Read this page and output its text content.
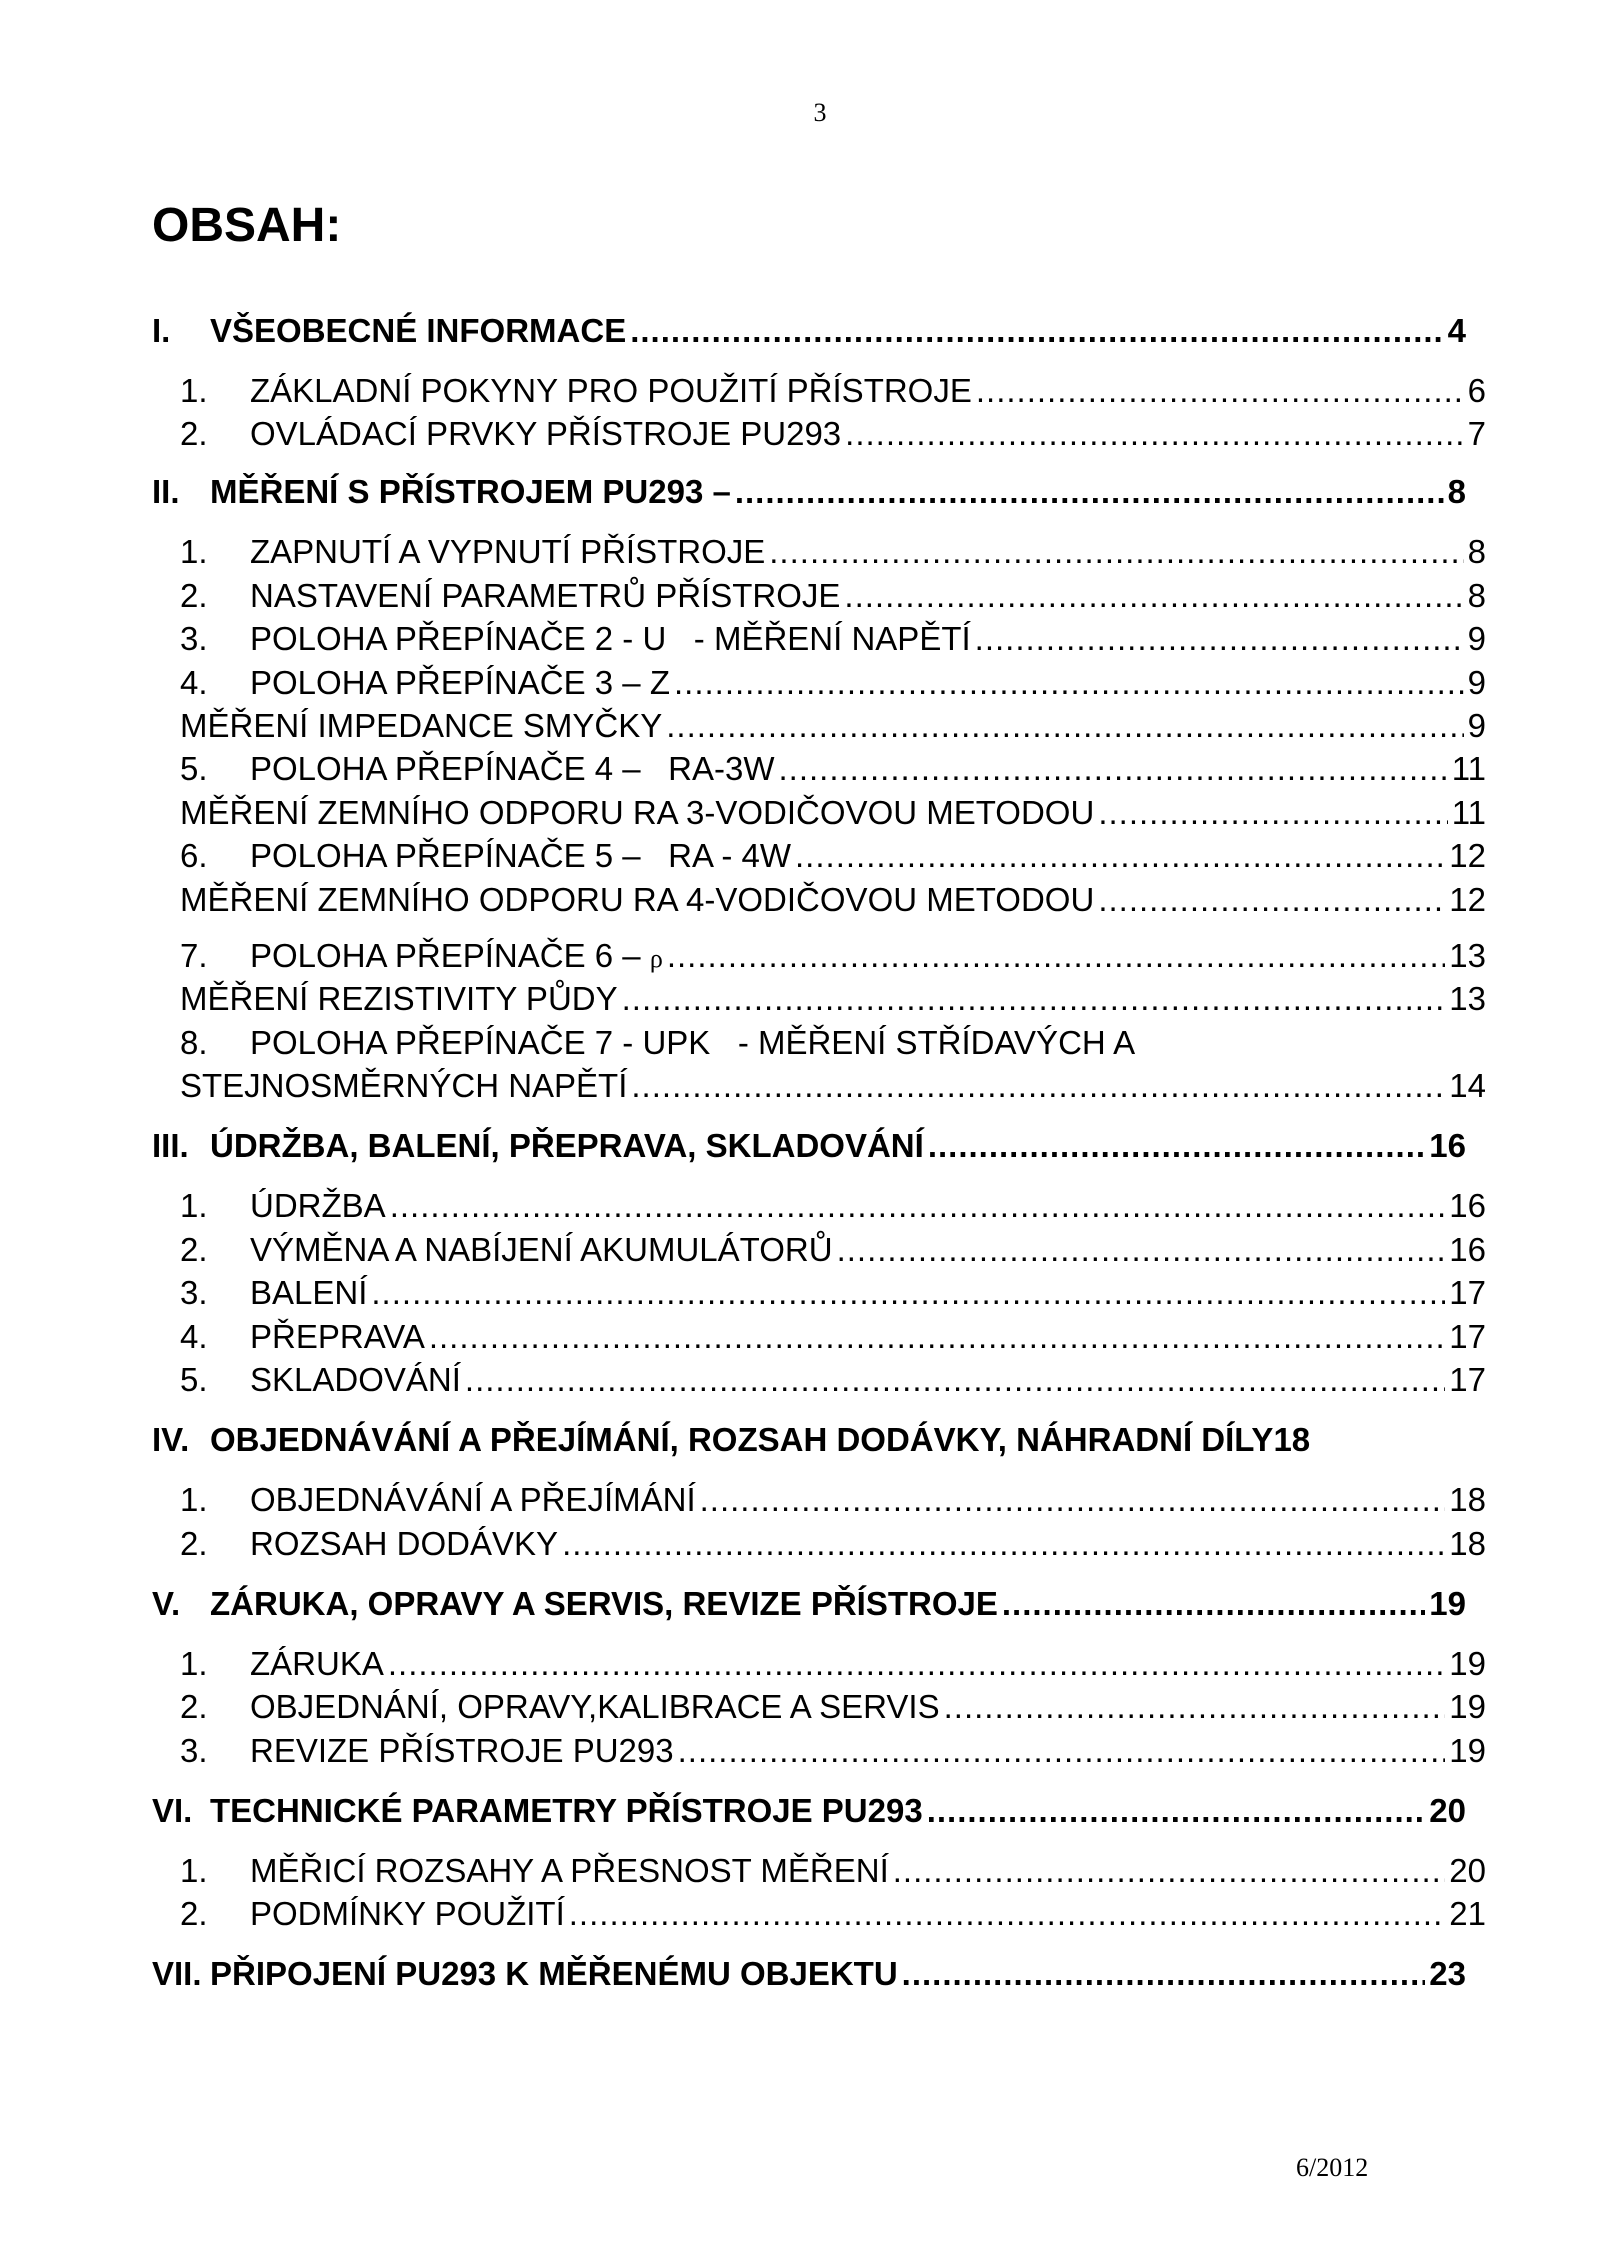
3
OBSAH:
I.	VŠEOBECNÉ INFORMACE .....	4
1.	ZÁKLADNÍ POKYNY PRO POUŽITÍ PŘÍSTROJE .....	6
2.	OVLÁDACÍ PRVKY PŘÍSTROJE PU293 .....	7
II. MĚŘENÍ S PŘÍSTROJEM PU293 – .....	8
1.	ZAPNUTÍ A VYPNUTÍ PŘÍSTROJE .....	8
2.	NASTAVENÍ PARAMETRŮ PŘÍSTROJE .....	8
3.	POLOHA PŘEPÍNAČE 2 - U   - MĚŘENÍ NAPĚTÍ .....	9
4.	POLOHA PŘEPÍNAČE 3 – Z .....	9
MĚŘENÍ IMPEDANCE SMYČKY .....	9
5.	POLOHA PŘEPÍNAČE 4 –   RA-3W .....	11
MĚŘENÍ ZEMNÍHO ODPORU RA 3-VODIČOVOU METODOU .....	11
6.	POLOHA PŘEPÍNAČE 5 –   RA - 4W .....	12
MĚŘENÍ ZEMNÍHO ODPORU RA 4-VODIČOVOU METODOU .....	12
7.	POLOHA PŘEPÍNAČE 6 – ρ .....	13
MĚŘENÍ REZISTIVITY PŮDY .....	13
8.	POLOHA PŘEPÍNAČE 7 - UPK   - MĚŘENÍ STŘÍDAVÝCH A
STEJNOSMĚRNÝCH NAPĚTÍ .....	14
III. ÚDRŽBA, BALENÍ, PŘEPRAVA, SKLADOVÁNÍ .....	16
1.	ÚDRŽBA .....	16
2.	VÝMĚNA A NABÍJENÍ AKUMULÁTORŮ .....	16
3.	BALENÍ .....	17
4.	PŘEPRAVA .....	17
5.	SKLADOVÁNÍ .....	17
IV. OBJEDNÁVÁNÍ A PŘEJÍMÁNÍ, ROZSAH DODÁVKY, NÁHRADNÍ DÍLY18
1.	OBJEDNÁVÁNÍ A PŘEJÍMÁNÍ .....	18
2.	ROZSAH DODÁVKY .....	18
V. ZÁRUKA, OPRAVY A SERVIS, REVIZE PŘÍSTROJE .....	19
1.	ZÁRUKA .....	19
2.	OBJEDNÁNÍ, OPRAVY,KALIBRACE A SERVIS .....	19
3.	REVIZE PŘÍSTROJE PU293 .....	19
VI. TECHNICKÉ PARAMETRY PŘÍSTROJE PU293 .....	20
1.	MĚŘICÍ ROZSAHY A PŘESNOST MĚŘENÍ .....	20
2.	PODMÍNKY POUŽITÍ .....	21
VII. PŘIPOJENÍ PU293 K MĚŘENÉMU OBJEKTU .....	23
6/2012
